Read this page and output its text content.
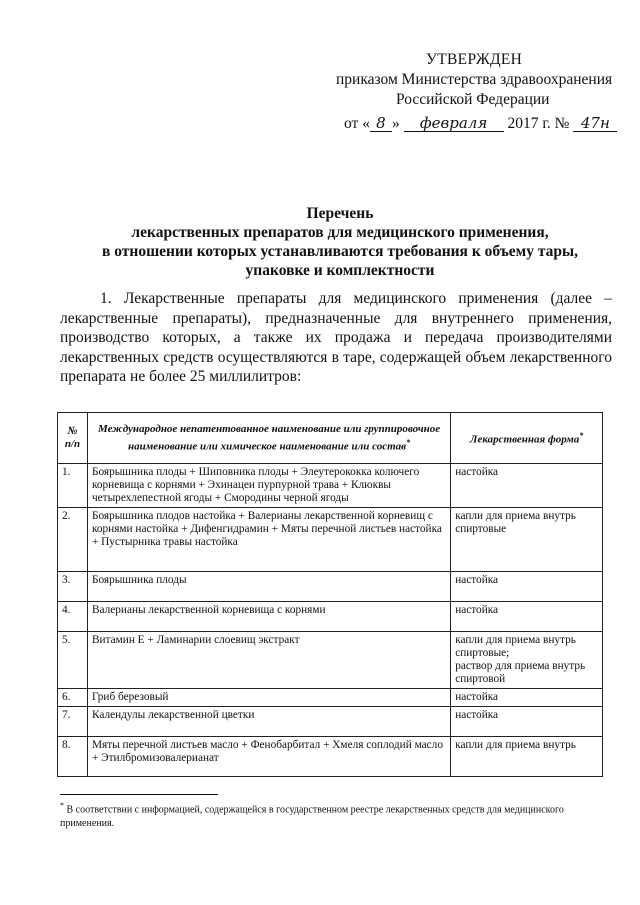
УТВЕРЖДЕН
приказом Министерства здравоохранения
Российской Федерации
от « 8 » февраля 2017 г. № 47н
Перечень
лекарственных препаратов для медицинского применения,
в отношении которых устанавливаются требования к объему тары,
упаковке и комплектности
1. Лекарственные препараты для медицинского применения (далее – лекарственные препараты), предназначенные для внутреннего применения, производство которых, а также их продажа и передача производителями лекарственных средств осуществляются в таре, содержащей объем лекарственного препарата не более 25 миллилитров:
№ п/п	Международное непатентованное наименование или группировочное наименование или химическое наименование или состав*	Лекарственная форма*
1.	Боярышника плоды + Шиповника плоды + Элеутерококка колючего корневища с корнями + Эхинацеи пурпурной трава + Клюквы четырехлепестной ягоды + Смородины черной ягоды	настойка
2.	Боярышника плодов настойка + Валерианы лекарственной корневищ с корнями настойка + Дифенгидрамин + Мяты перечной листьев настойка + Пустырника травы настойка	капли для приема внутрь спиртовые
3.	Боярышника плоды	настойка
4.	Валерианы лекарственной корневища с корнями	настойка
5.	Витамин Е + Ламинарии слоевищ экстракт	капли для приема внутрь спиртовые;
раствор для приема внутрь спиртовой
6.	Гриб березовый	настойка
7.	Календулы лекарственной цветки	настойка
8.	Мяты перечной листьев масло + Фенобарбитал + Хмеля соплодий масло + Этилбромизовалерианат	капли для приема внутрь
* В соответствии с информацией, содержащейся в государственном реестре лекарственных средств для медицинского применения.
